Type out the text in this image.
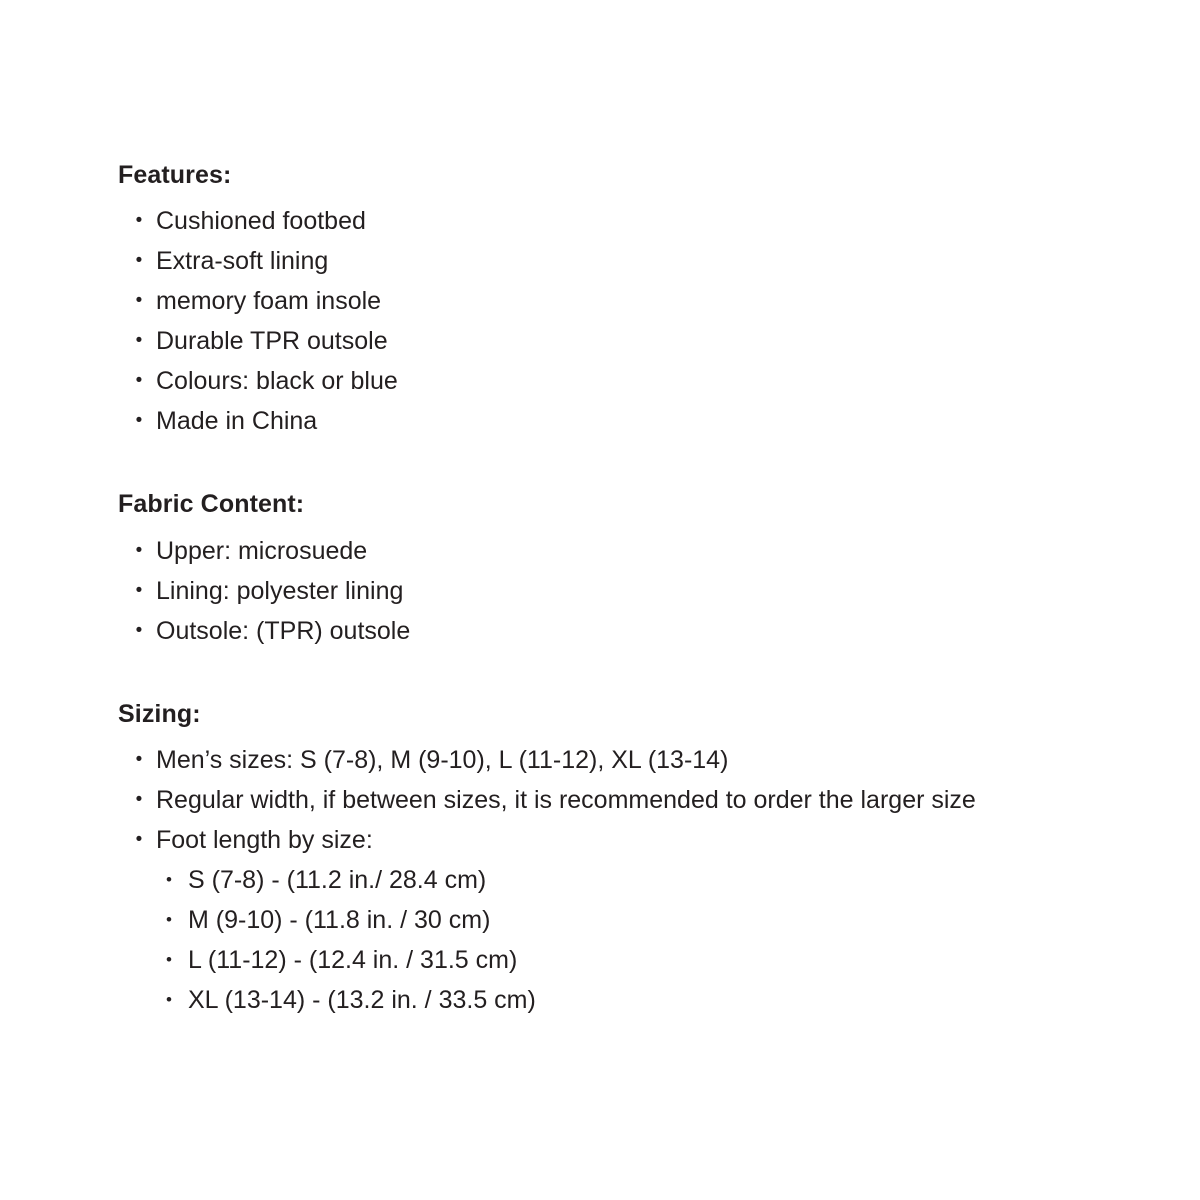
Features:
• Cushioned footbed
• Extra-soft lining
• memory foam insole
• Durable TPR outsole
• Colours: black or blue
• Made in China
Fabric Content:
• Upper: microsuede
• Lining: polyester lining
• Outsole: (TPR) outsole
Sizing:
• Men’s sizes: S (7-8), M (9-10), L (11-12), XL (13-14)
• Regular width, if between sizes, it is recommended to order the larger size
• Foot length by size:
• S (7-8) - (11.2 in./ 28.4 cm)
• M (9-10) - (11.8 in. / 30 cm)
• L (11-12) - (12.4 in. / 31.5 cm)
• XL (13-14) - (13.2 in. / 33.5 cm)
